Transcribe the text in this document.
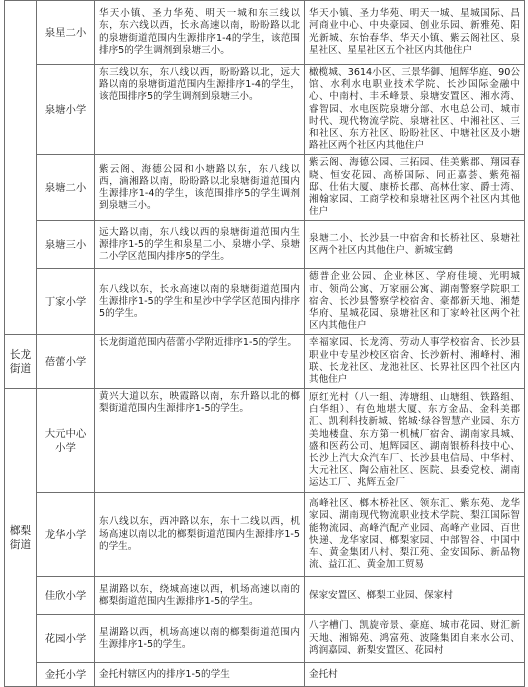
	泉星二小	华天小镇、圣力华苑、明天一城和东三线以东，东六线以西，长永高速以南，盼盼路以北的泉塘街道范围内生源排序1-4的学生，该范围排序5的学生调剂到泉塘三小。	华天小镇、圣力华苑、明天一城、星城国际、昌河商业中心、中央豪园、创业乐园、新雅苑、阳光新城、东怡春华、华天小镇、紫云阁社区、泉星社区、星星社区五个社区内其他住户
	泉塘小学	东三线以东，东八线以西，盼盼路以北，远大路以南的泉塘街道范围内生源排序1-4的学生，该范围排序5的学生调剂到泉塘三小。	橄榄城、3614小区、三景华御、旭辉华庭、90公馆、水利水电职业技术学院、长沙国际金融中心、中南村、丰禾峰景、泉塘安置区、湘水湾、睿智园、水电医院泉塘分部、水电总公司、城市时代、现代物流学院、泉塘社区、中湘社区、三和社区、东方社区、盼盼社区、中塘社区及小塘路社区两个社区内其他住户
	泉塘二小	紫云阁、海德公园和小塘路以东，东八线以西，滴湘路以南，盼盼路以北泉塘街道范围内生源排序1-4的学生，该范围排序5的学生调剂到泉塘三小。	紫云阁、海德公园、三拓园、佳美紫郡、翔园春晓、恒安花园、高桥国际、同正嘉荟、紫苑福邸、仕佑大厦、康桥长郡、高林仕家、爵士湾、湘翰家园、工商学校和泉塘社区两个社区内其他住户
	泉塘三小	远大路以南，东八线以西的泉塘街道范围内生源排序1-5的学生和泉星二小、泉塘小学、泉塘二小学区范围内排序5的学生。	泉塘二小、长沙县一中宿舍和长桥社区、泉塘社区两个社区内其他住户、新城宝鹤
	丁家小学	东八线以东，长永高速以南的泉塘街道范围内生源排序1-5的学生和星沙中学学区范围内排序5的学生。	德普企业公园、企业林区、学府佳境、光明城市、领尚公寓、万家丽公寓、湖南警察学院职工宿舍、长沙县警察学校宿舍、豪都新天地、湘楚华府、星城花园、泉塘社区和丁家岭社区两个社区内其他住户
长龙街道	蓓蕾小学	长龙街道范围内蓓蕾小学附近排序1-5的学生。	幸福家园、长龙湾、劳动人事学校宿舍、长沙县职业中专星沙校区宿舍、长沙新村、湘峰村、湘联、长龙社区、龙池社区、长界社区四个社区内其他住户
榔梨街道	大元中心小学	黄兴大道以东，映霞路以南，东升路以北的榔梨街道范围内生源排序1-5的学生。	原红光村（八一组、涛塘组、山塘组、铁路组、白华组）、有色地堪大厦、东方金品、金科美郡汇、凯利科技新城、铭城·绿谷智慧产业园、东方美地楼盘、东方第一机械厂宿舍、湖南家具城、盛和医药公司、旭辉园区、湖南银桥科技中心、长沙上汽大众汽车厂、长沙县电信局、中华村、大元社区、陶公庙社区、医院、县委党校、湖南运达工厂、兆辉五金厂
	龙华小学	东八线以东，西冲路以东，东十二线以西，机场高速以南以北的榔梨街道范围内生源排序1-5的学生。	高峰社区、榔木桥社区、领东汇、紫东苑、龙华家园、湖南现代物流职业技术学院、梨江国际智能物流园、高峰汽配产业园、高峰产业园、百世快递、龙华家园、榔梨家园、中部智谷、中国中车、黄金集团八村、梨江苑、金安国际、新品物流、益江汇、黄金加工贸易
	佳欣小学	星湖路以东，绕城高速以西，机场高速以南的榔梨街道范围内生源排序1-5的学生。	保家安置区、榔梨工业园、保家村
	花园小学	星湖路以西，机场高速以南的榔梨街道范围内生源排序1-5的学生。	八字槽门、凯旋帝景、豪庭、城市花园、财汇新天地、湘锦苑、鸿富苑、波隆集团自来水公司、鸿润嘉园、新梨安置区、花园村
	金托小学	金托村辖区内的排序1-5的学生	金托村
